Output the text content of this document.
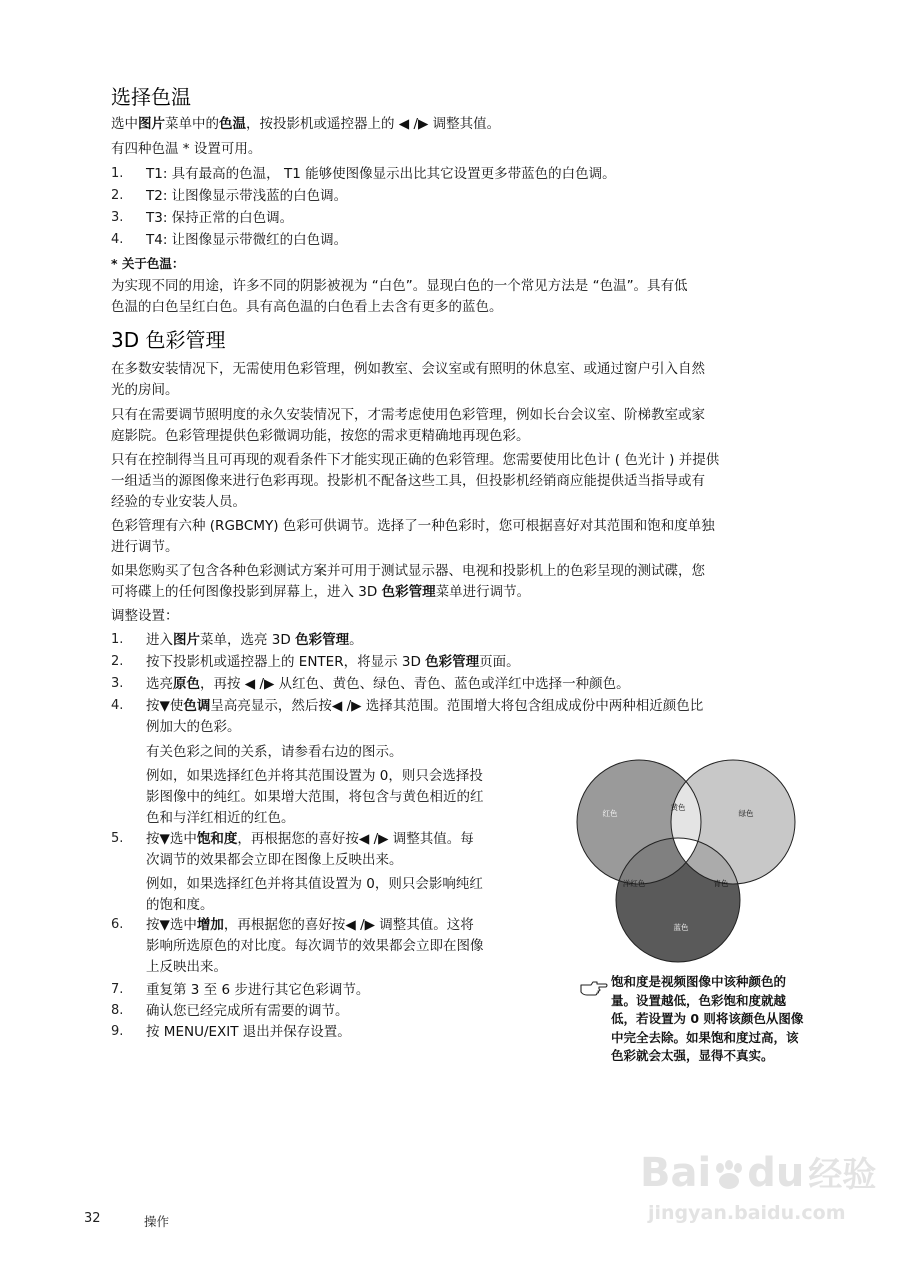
选择色温
选中图片菜单中的色温，按投影机或遥控器上的 ◀ /▶ 调整其值。
有四种色温 * 设置可用。
1. T1: 具有最高的色温， T1 能够使图像显示出比其它设置更多带蓝色的白色调。
2. T2: 让图像显示带浅蓝的白色调。
3. T3: 保持正常的白色调。
4. T4: 让图像显示带微红的白色调。
* 关于色温：
为实现不同的用途，许多不同的阴影被视为 “白色”。显现白色的一个常见方法是 “色温”。具有低
色温的白色呈红白色。具有高色温的白色看上去含有更多的蓝色。
3D 色彩管理
在多数安装情况下，无需使用色彩管理，例如教室、会议室或有照明的休息室、或通过窗户引入自然
光的房间。
只有在需要调节照明度的永久安装情况下，才需考虑使用色彩管理，例如长台会议室、阶梯教室或家
庭影院。色彩管理提供色彩微调功能，按您的需求更精确地再现色彩。
只有在控制得当且可再现的观看条件下才能实现正确的色彩管理。您需要使用比色计 ( 色光计 ) 并提供
一组适当的源图像来进行色彩再现。投影机不配备这些工具，但投影机经销商应能提供适当指导或有
经验的专业安装人员。
色彩管理有六种 (RGBCMY) 色彩可供调节。选择了一种色彩时，您可根据喜好对其范围和饱和度单独
进行调节。
如果您购买了包含各种色彩测试方案并可用于测试显示器、电视和投影机上的色彩呈现的测试碟，您
可将碟上的任何图像投影到屏幕上，进入 3D 色彩管理菜单进行调节。
调整设置：
1. 进入图片菜单，选亮 3D 色彩管理。
2. 按下投影机或遥控器上的 ENTER，将显示 3D 色彩管理页面。
3. 选亮原色，再按 ◀ /▶ 从红色、黄色、绿色、青色、蓝色或洋红中选择一种颜色。
4. 按▼使色调呈高亮显示，然后按◀ /▶ 选择其范围。范围增大将包含组成成份中两种相近颜色比
例加大的色彩。
有关色彩之间的关系，请参看右边的图示。
例如，如果选择红色并将其范围设置为 0，则只会选择投
影图像中的纯红。如果增大范围，将包含与黄色相近的红
色和与洋红相近的红色。
5. 按▼选中饱和度，再根据您的喜好按◀ /▶ 调整其值。每
次调节的效果都会立即在图像上反映出来。
例如，如果选择红色并将其值设置为 0，则只会影响纯红
的饱和度。
6. 按▼选中增加，再根据您的喜好按◀ /▶ 调整其值。这将
影响所选原色的对比度。每次调节的效果都会立即在图像
上反映出来。
7. 重复第 3 至 6 步进行其它色彩调节。
8. 确认您已经完成所有需要的调节。
9. 按 MENU/EXIT 退出并保存设置。
红色
黄色
绿色
洋红色	青色
蓝色
饱和度是视频图像中该种颜色的
量。设置越低，色彩饱和度就越
低，若设置为 0 则将该颜色从图像
中完全去除。如果饱和度过高，该
色彩就会太强，显得不真实。
32	操作
Bai du 经验
jingyan.baidu.com
